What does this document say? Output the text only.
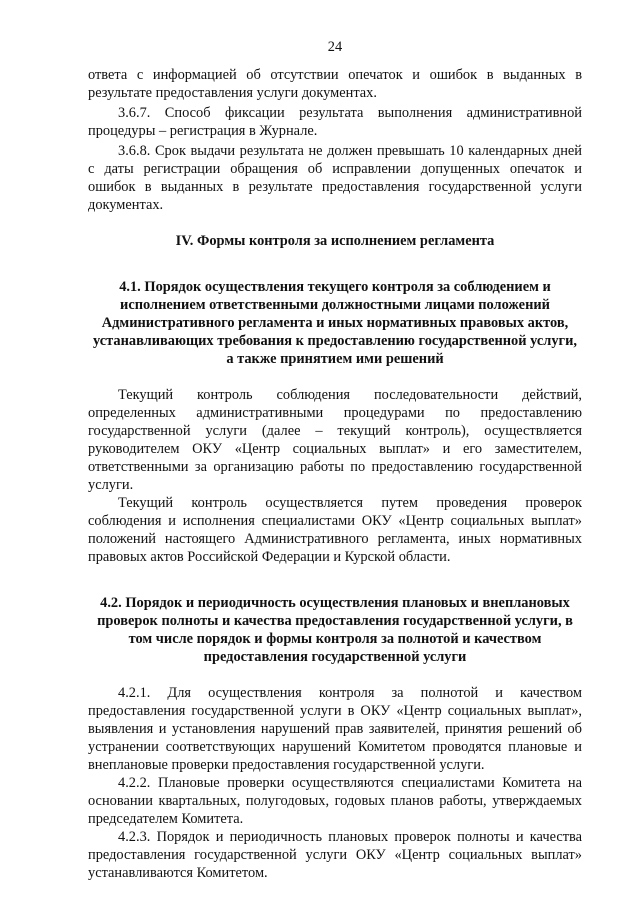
24

ответа с информацией об отсутствии опечаток и ошибок в выданных в результате предоставления услуги документах.

3.6.7. Способ фиксации результата выполнения административной процедуры – регистрация в Журнале.

3.6.8. Срок выдачи результата не должен превышать 10 календарных дней с даты регистрации обращения об исправлении допущенных опечаток и ошибок в выданных в результате предоставления государственной услуги документах.

IV. Формы контроля за исполнением регламента
4.1. Порядок осуществления текущего контроля за соблюдением и исполнением ответственными должностными лицами положений Административного регламента и иных нормативных правовых актов, устанавливающих требования к предоставлению государственной услуги, а также принятием ими решений

Текущий контроль соблюдения последовательности действий, определенных административными процедурами по предоставлению государственной услуги (далее – текущий контроль), осуществляется руководителем ОКУ «Центр социальных выплат» и его заместителем, ответственными за организацию работы по предоставлению государственной услуги.

Текущий контроль осуществляется путем проведения проверок соблюдения и исполнения специалистами ОКУ «Центр социальных выплат» положений настоящего Административного регламента, иных нормативных правовых актов Российской Федерации и Курской области.

4.2. Порядок и периодичность осуществления плановых и внеплановых проверок полноты и качества предоставления государственной услуги, в том числе порядок и формы контроля за полнотой и качеством предоставления государственной услуги

4.2.1. Для осуществления контроля за полнотой и качеством предоставления государственной услуги в ОКУ «Центр социальных выплат», выявления и установления нарушений прав заявителей, принятия решений об устранении соответствующих нарушений Комитетом проводятся плановые и внеплановые проверки предоставления государственной услуги.

4.2.2. Плановые проверки осуществляются специалистами Комитета на основании квартальных, полугодовых, годовых планов работы, утверждаемых председателем Комитета.

4.2.3. Порядок и периодичность плановых проверок полноты и качества предоставления государственной услуги ОКУ «Центр социальных выплат» устанавливаются Комитетом.
